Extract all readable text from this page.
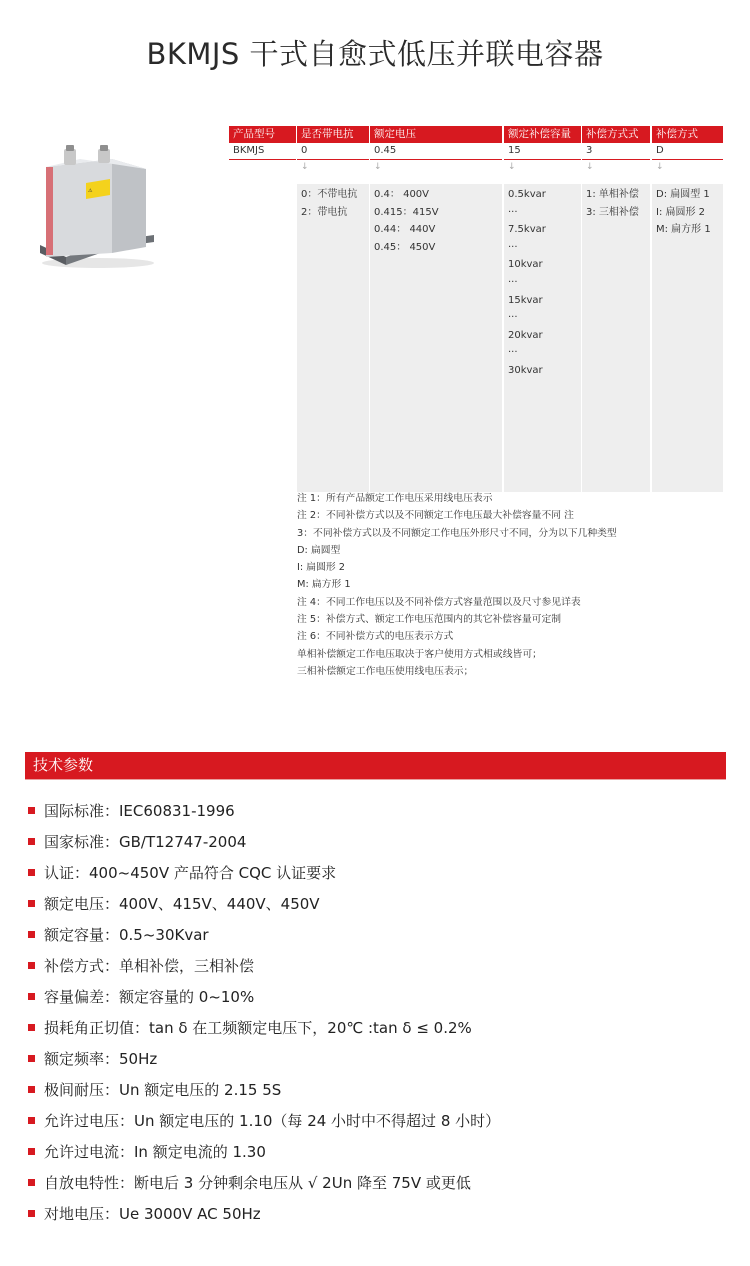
BKMJS 干式自愈式低压并联电容器
⚠
产品型号
BKMJS
是否带电抗
0
↓
0：不带电抗
2：带电抗
额定电压
0.45
↓
0.4： 400V
0.415：415V
0.44： 440V
0.45： 450V
额定补偿容量
15
↓
0.5kvar
···
7.5kvar
···
10kvar
···
15kvar
···
20kvar
···
30kvar
补偿方式式
3
↓
1: 单相补偿
3: 三相补偿
补偿方式
D
↓
D: 扁圆型 1
I: 扁圆形 2
M: 扁方形 1
注 1：所有产品额定工作电压采用线电压表示
注 2：不同补偿方式以及不同额定工作电压最大补偿容量不同 注
3：不同补偿方式以及不同额定工作电压外形尺寸不同，分为以下几种类型
D: 扁圆型
I: 扁圆形 2
M: 扁方形 1
注 4：不同工作电压以及不同补偿方式容量范围以及尺寸参见详表
注 5：补偿方式、额定工作电压范围内的其它补偿容量可定制
注 6：不同补偿方式的电压表示方式
单相补偿额定工作电压取决于客户使用方式相或线皆可；
三相补偿额定工作电压使用线电压表示；
技术参数
国际标准：IEC60831-1996
国家标准：GB/T12747-2004
认证：400~450V 产品符合 CQC 认证要求
额定电压：400V、415V、440V、450V
额定容量：0.5~30Kvar
补偿方式：单相补偿，三相补偿
容量偏差：额定容量的 0~10%
损耗角正切值：tan δ 在工频额定电压下，20℃ :tan δ ≤ 0.2%
额定频率：50Hz
极间耐压：Un 额定电压的 2.15 5S
允许过电压：Un 额定电压的 1.10（每 24 小时中不得超过 8 小时）
允许过电流：In 额定电流的 1.30
自放电特性：断电后 3 分钟剩余电压从 √ 2Un 降至 75V 或更低
对地电压：Ue 3000V AC 50Hz
